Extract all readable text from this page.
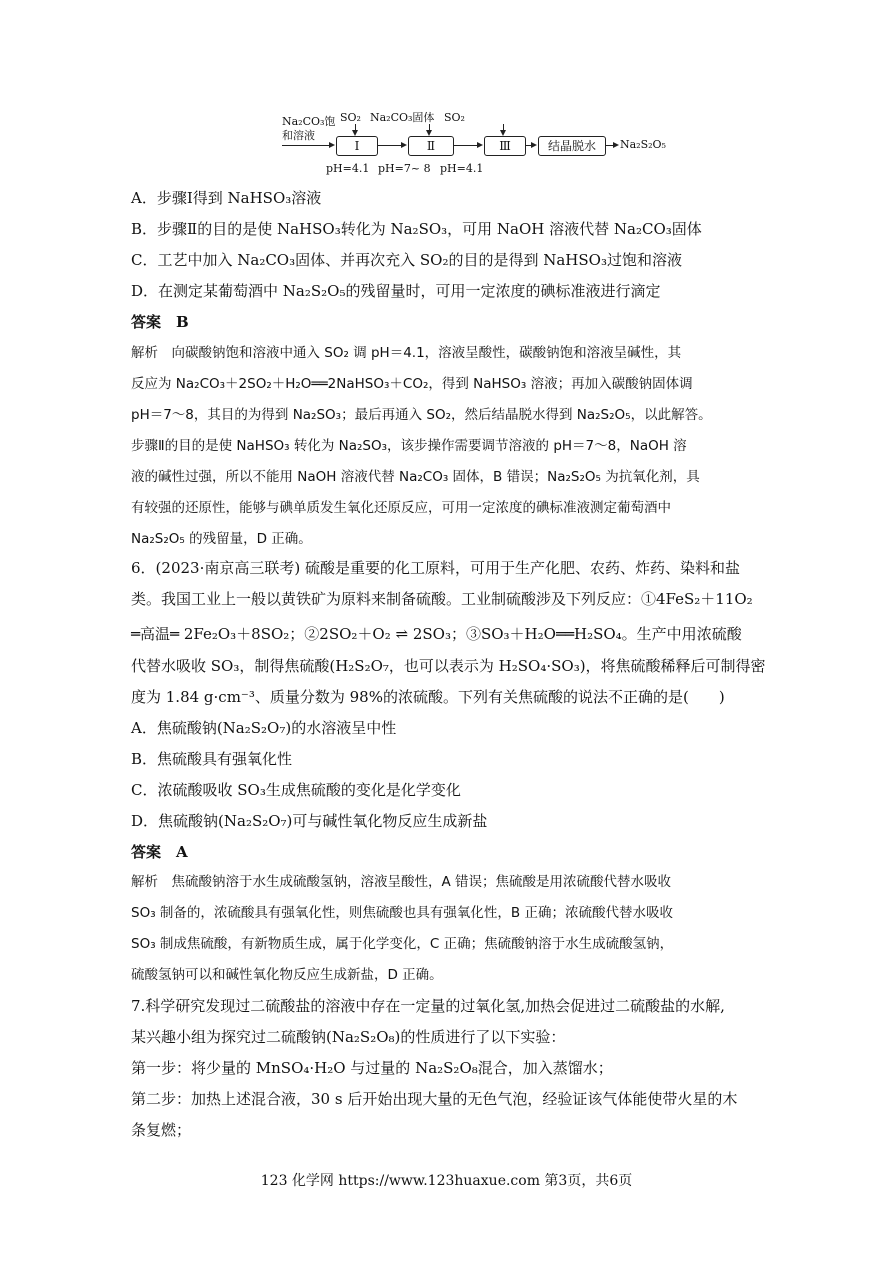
Na₂CO₃饱
和溶液
Ⅰ
SO₂
pH=4.1
Ⅱ
Na₂CO₃固体
pH=7~ 8
Ⅲ
SO₂
pH=4.1
结晶脱水	Na₂S₂O₅
A．步骤Ⅰ得到 NaHSO₃溶液
B．步骤Ⅱ的目的是使 NaHSO₃转化为 Na₂SO₃，可用 NaOH 溶液代替 Na₂CO₃固体
C．工艺中加入 Na₂CO₃固体、并再次充入 SO₂的目的是得到 NaHSO₃过饱和溶液
D．在测定某葡萄酒中 Na₂S₂O₅的残留量时，可用一定浓度的碘标准液进行滴定
答案　B
解析　向碳酸钠饱和溶液中通入 SO₂ 调 pH＝4.1，溶液呈酸性，碳酸钠饱和溶液呈碱性，其
反应为 Na₂CO₃＋2SO₂＋H₂O══2NaHSO₃＋CO₂，得到 NaHSO₃ 溶液；再加入碳酸钠固体调
pH＝7～8，其目的为得到 Na₂SO₃；最后再通入 SO₂，然后结晶脱水得到 Na₂S₂O₅，以此解答。
步骤Ⅱ的目的是使 NaHSO₃ 转化为 Na₂SO₃，该步操作需要调节溶液的 pH＝7～8，NaOH 溶
液的碱性过强，所以不能用 NaOH 溶液代替 Na₂CO₃ 固体，B 错误；Na₂S₂O₅ 为抗氧化剂，具
有较强的还原性，能够与碘单质发生氧化还原反应，可用一定浓度的碘标准液测定葡萄酒中
Na₂S₂O₅ 的残留量，D 正确。
6．(2023·南京高三联考) 硫酸是重要的化工原料，可用于生产化肥、农药、炸药、染料和盐
类。我国工业上一般以黄铁矿为原料来制备硫酸。工业制硫酸涉及下列反应：①4FeS₂＋11O₂
═高温═ 2Fe₂O₃＋8SO₂；②2SO₂＋O₂ ⇌ 2SO₃；③SO₃＋H₂O══H₂SO₄。生产中用浓硫酸
代替水吸收 SO₃，制得焦硫酸(H₂S₂O₇，也可以表示为 H₂SO₄·SO₃)，将焦硫酸稀释后可制得密
度为 1.84 g·cm⁻³、质量分数为 98%的浓硫酸。下列有关焦硫酸的说法不正确的是(　　)
A．焦硫酸钠(Na₂S₂O₇)的水溶液呈中性
B．焦硫酸具有强氧化性
C．浓硫酸吸收 SO₃生成焦硫酸的变化是化学变化
D．焦硫酸钠(Na₂S₂O₇)可与碱性氧化物反应生成新盐
答案　A
解析　焦硫酸钠溶于水生成硫酸氢钠，溶液呈酸性，A 错误；焦硫酸是用浓硫酸代替水吸收
SO₃ 制备的，浓硫酸具有强氧化性，则焦硫酸也具有强氧化性，B 正确；浓硫酸代替水吸收
SO₃ 制成焦硫酸，有新物质生成，属于化学变化，C 正确；焦硫酸钠溶于水生成硫酸氢钠，
硫酸氢钠可以和碱性氧化物反应生成新盐，D 正确。
7.科学研究发现过二硫酸盐的溶液中存在一定量的过氧化氢,加热会促进过二硫酸盐的水解,
某兴趣小组为探究过二硫酸钠(Na₂S₂O₈)的性质进行了以下实验：
第一步：将少量的 MnSO₄·H₂O 与过量的 Na₂S₂O₈混合，加入蒸馏水；
第二步：加热上述混合液，30 s 后开始出现大量的无色气泡，经验证该气体能使带火星的木
条复燃；
123 化学网 https://www.123huaxue.com 第3页，共6页
